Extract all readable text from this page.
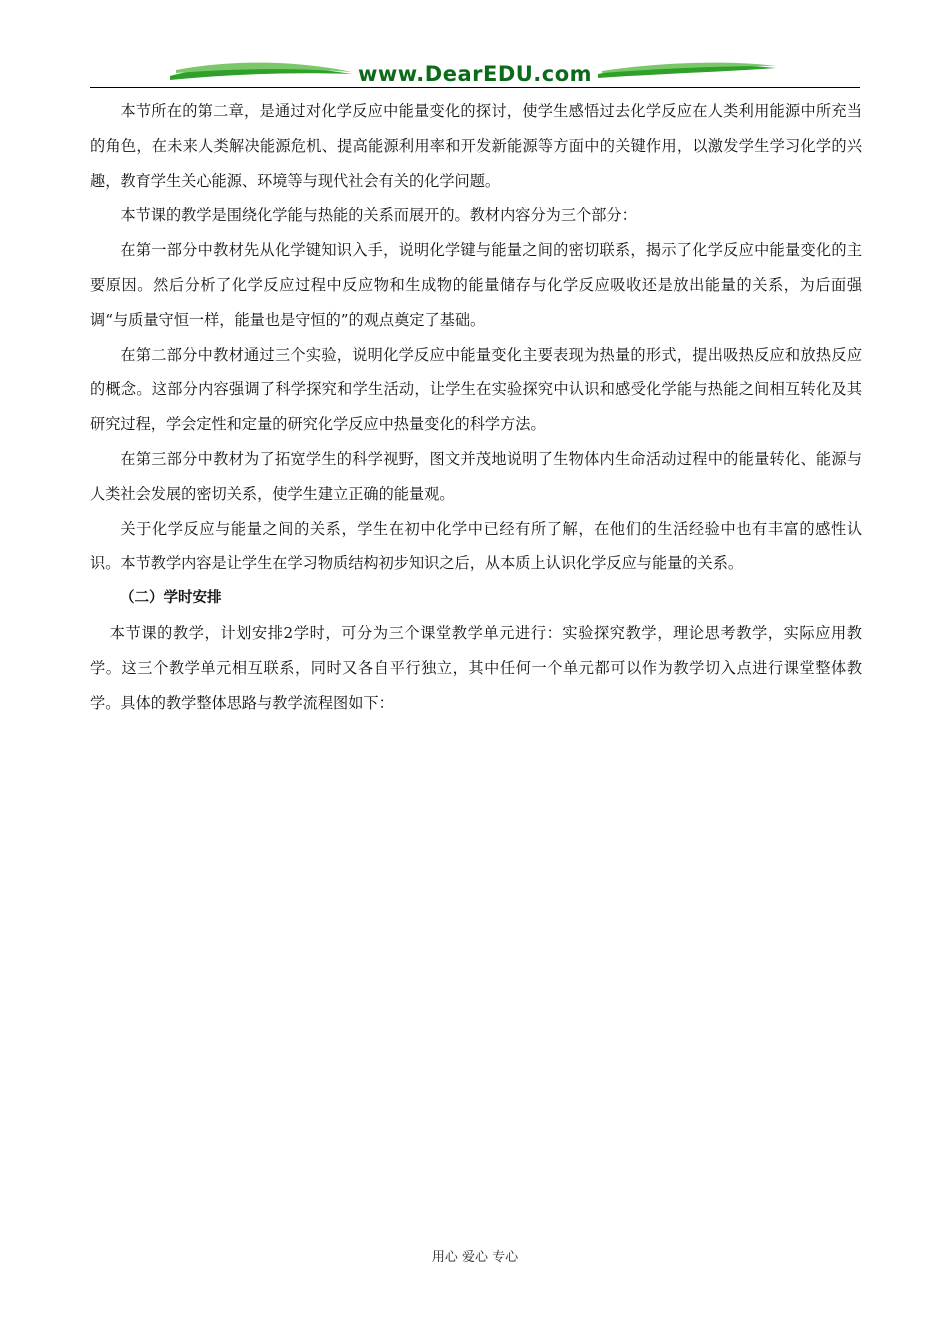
www.DearEDU.com

本节所在的第二章，是通过对化学反应中能量变化的探讨，使学生感悟过去化学反应在人类利用能源中所充当的角色，在未来人类解决能源危机、提高能源利用率和开发新能源等方面中的关键作用，以激发学生学习化学的兴趣，教育学生关心能源、环境等与现代社会有关的化学问题。

本节课的教学是围绕化学能与热能的关系而展开的。教材内容分为三个部分：

在第一部分中教材先从化学键知识入手，说明化学键与能量之间的密切联系，揭示了化学反应中能量变化的主要原因。然后分析了化学反应过程中反应物和生成物的能量储存与化学反应吸收还是放出能量的关系，为后面强调“与质量守恒一样，能量也是守恒的”的观点奠定了基础。

在第二部分中教材通过三个实验，说明化学反应中能量变化主要表现为热量的形式，提出吸热反应和放热反应的概念。这部分内容强调了科学探究和学生活动，让学生在实验探究中认识和感受化学能与热能之间相互转化及其研究过程，学会定性和定量的研究化学反应中热量变化的科学方法。

在第三部分中教材为了拓宽学生的科学视野，图文并茂地说明了生物体内生命活动过程中的能量转化、能源与人类社会发展的密切关系，使学生建立正确的能量观。

关于化学反应与能量之间的关系，学生在初中化学中已经有所了解，在他们的生活经验中也有丰富的感性认识。本节教学内容是让学生在学习物质结构初步知识之后，从本质上认识化学反应与能量的关系。

（二）学时安排

本节课的教学，计划安排2学时，可分为三个课堂教学单元进行：实验探究教学，理论思考教学，实际应用教学。这三个教学单元相互联系，同时又各自平行独立，其中任何一个单元都可以作为教学切入点进行课堂整体教学。具体的教学整体思路与教学流程图如下：

用心 爱心 专心
